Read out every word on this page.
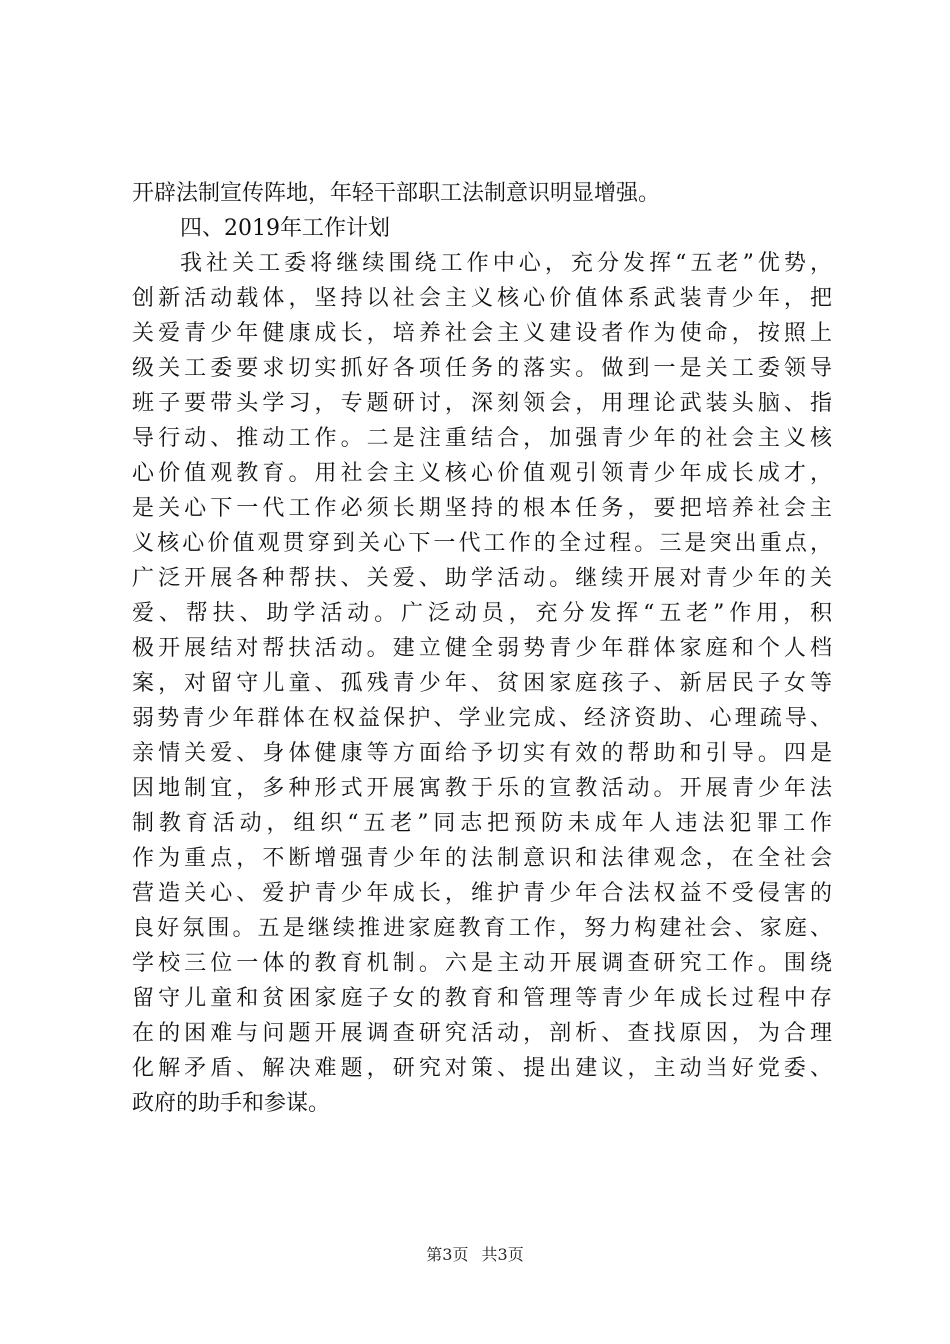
开辟法制宣传阵地，年轻干部职工法制意识明显增强。
四、2019年工作计划
我社关工委将继续围绕工作中心，充分发挥“五老”优势，
创新活动载体，坚持以社会主义核心价值体系武装青少年，把
关爱青少年健康成长，培养社会主义建设者作为使命，按照上
级关工委要求切实抓好各项任务的落实。做到一是关工委领导
班子要带头学习，专题研讨，深刻领会，用理论武装头脑、指
导行动、推动工作。二是注重结合，加强青少年的社会主义核
心价值观教育。用社会主义核心价值观引领青少年成长成才，
是关心下一代工作必须长期坚持的根本任务，要把培养社会主
义核心价值观贯穿到关心下一代工作的全过程。三是突出重点，
广泛开展各种帮扶、关爱、助学活动。继续开展对青少年的关
爱、帮扶、助学活动。广泛动员，充分发挥“五老”作用，积
极开展结对帮扶活动。建立健全弱势青少年群体家庭和个人档
案，对留守儿童、孤残青少年、贫困家庭孩子、新居民子女等
弱势青少年群体在权益保护、学业完成、经济资助、心理疏导、
亲情关爱、身体健康等方面给予切实有效的帮助和引导。四是
因地制宜，多种形式开展寓教于乐的宣教活动。开展青少年法
制教育活动，组织“五老”同志把预防未成年人违法犯罪工作
作为重点，不断增强青少年的法制意识和法律观念，在全社会
营造关心、爱护青少年成长，维护青少年合法权益不受侵害的
良好氛围。五是继续推进家庭教育工作，努力构建社会、家庭、
学校三位一体的教育机制。六是主动开展调查研究工作。围绕
留守儿童和贫困家庭子女的教育和管理等青少年成长过程中存
在的困难与问题开展调查研究活动，剖析、查找原因，为合理
化解矛盾、解决难题，研究对策、提出建议，主动当好党委、
政府的助手和参谋。
第3页 共3页
